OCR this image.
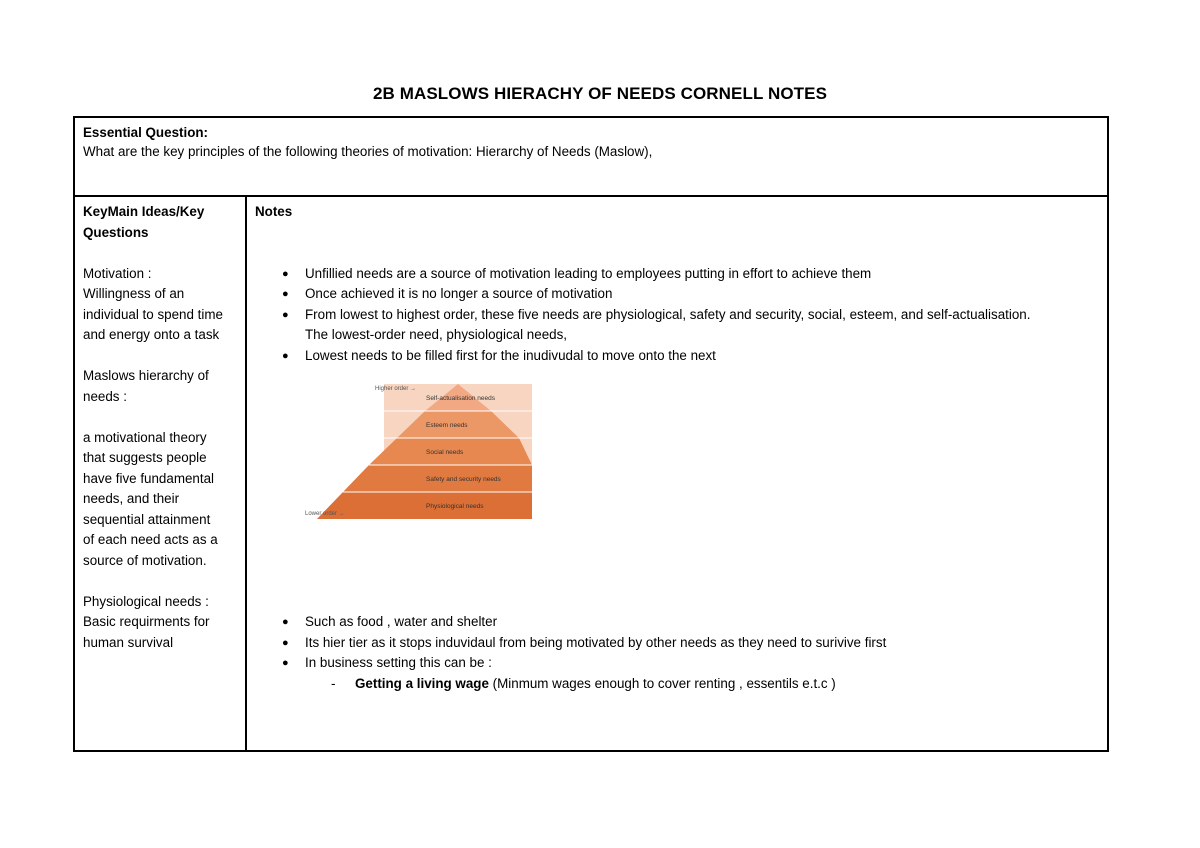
2B MASLOWS HIERACHY OF NEEDS CORNELL NOTES
Essential Question:
What are the key principles of the following theories of motivation: Hierarchy of Needs (Maslow),

KeyMain Ideas/Key

Questions

Motivation :

Willingness of an

individual to spend time

and energy onto a task

Maslows hierarchy of

needs :

a motivational theory

that suggests people

have five fundamental

needs, and their

sequential attainment

of each need acts as a

source of motivation.

Physiological needs :

Basic requirments for

human survival

Notes

● Unfillied needs are a source of motivation leading to employees putting in effort to achieve them
● Once achieved it is no longer a source of motivation
● From lowest to highest order, these five needs are physiological, safety and security, social, esteem, and self-actualisation.
The lowest-order need, physiological needs,
● Lowest needs to be filled first for the inudivudal to move onto the next
● Such as food , water and shelter
● Its hier tier as it stops induvidaul from being motivated by other needs as they need to surivive first
● In business setting this can be :
- Getting a living wage (Minmum wages enough to cover renting , essentils e.t.c )
Higher order →
Lower order →
Self-actualisation needs
Esteem needs
Social needs
Safety and security needs
Physiological needs
